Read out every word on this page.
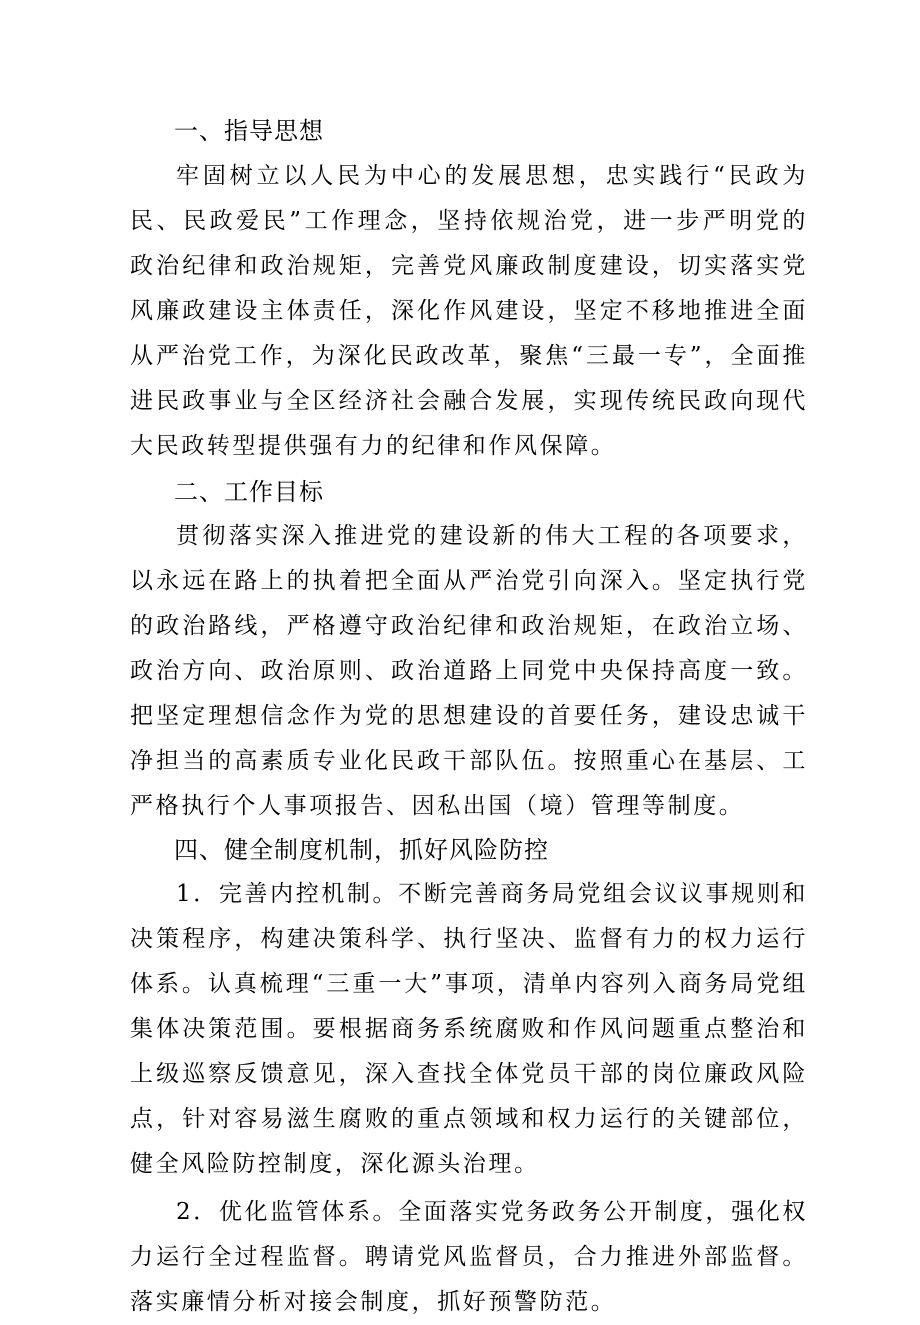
一、指导思想

牢固树立以人民为中心的发展思想，忠实践行“民政为民、民政爱民”工作理念，坚持依规治党，进一步严明党的政治纪律和政治规矩，完善党风廉政制度建设，切实落实党风廉政建设主体责任，深化作风建设，坚定不移地推进全面从严治党工作，为深化民政改革，聚焦“三最一专”，全面推进民政事业与全区经济社会融合发展，实现传统民政向现代大民政转型提供强有力的纪律和作风保障。

二、工作目标

贯彻落实深入推进党的建设新的伟大工程的各项要求，以永远在路上的执着把全面从严治党引向深入。坚定执行党的政治路线，严格遵守政治纪律和政治规矩，在政治立场、政治方向、政治原则、政治道路上同党中央保持高度一致。把坚定理想信念作为党的思想建设的首要任务，建设忠诚干净担当的高素质专业化民政干部队伍。按照重心在基层、工严格执行个人事项报告、因私出国（境）管理等制度。

四、健全制度机制，抓好风险防控

1．完善内控机制。不断完善商务局党组会议议事规则和决策程序，构建决策科学、执行坚决、监督有力的权力运行体系。认真梳理“三重一大”事项，清单内容列入商务局党组集体决策范围。要根据商务系统腐败和作风问题重点整治和上级巡察反馈意见，深入查找全体党员干部的岗位廉政风险点，针对容易滋生腐败的重点领域和权力运行的关键部位，健全风险防控制度，深化源头治理。

2．优化监管体系。全面落实党务政务公开制度，强化权力运行全过程监督。聘请党风监督员，合力推进外部监督。落实廉情分析对接会制度，抓好预警防范。
